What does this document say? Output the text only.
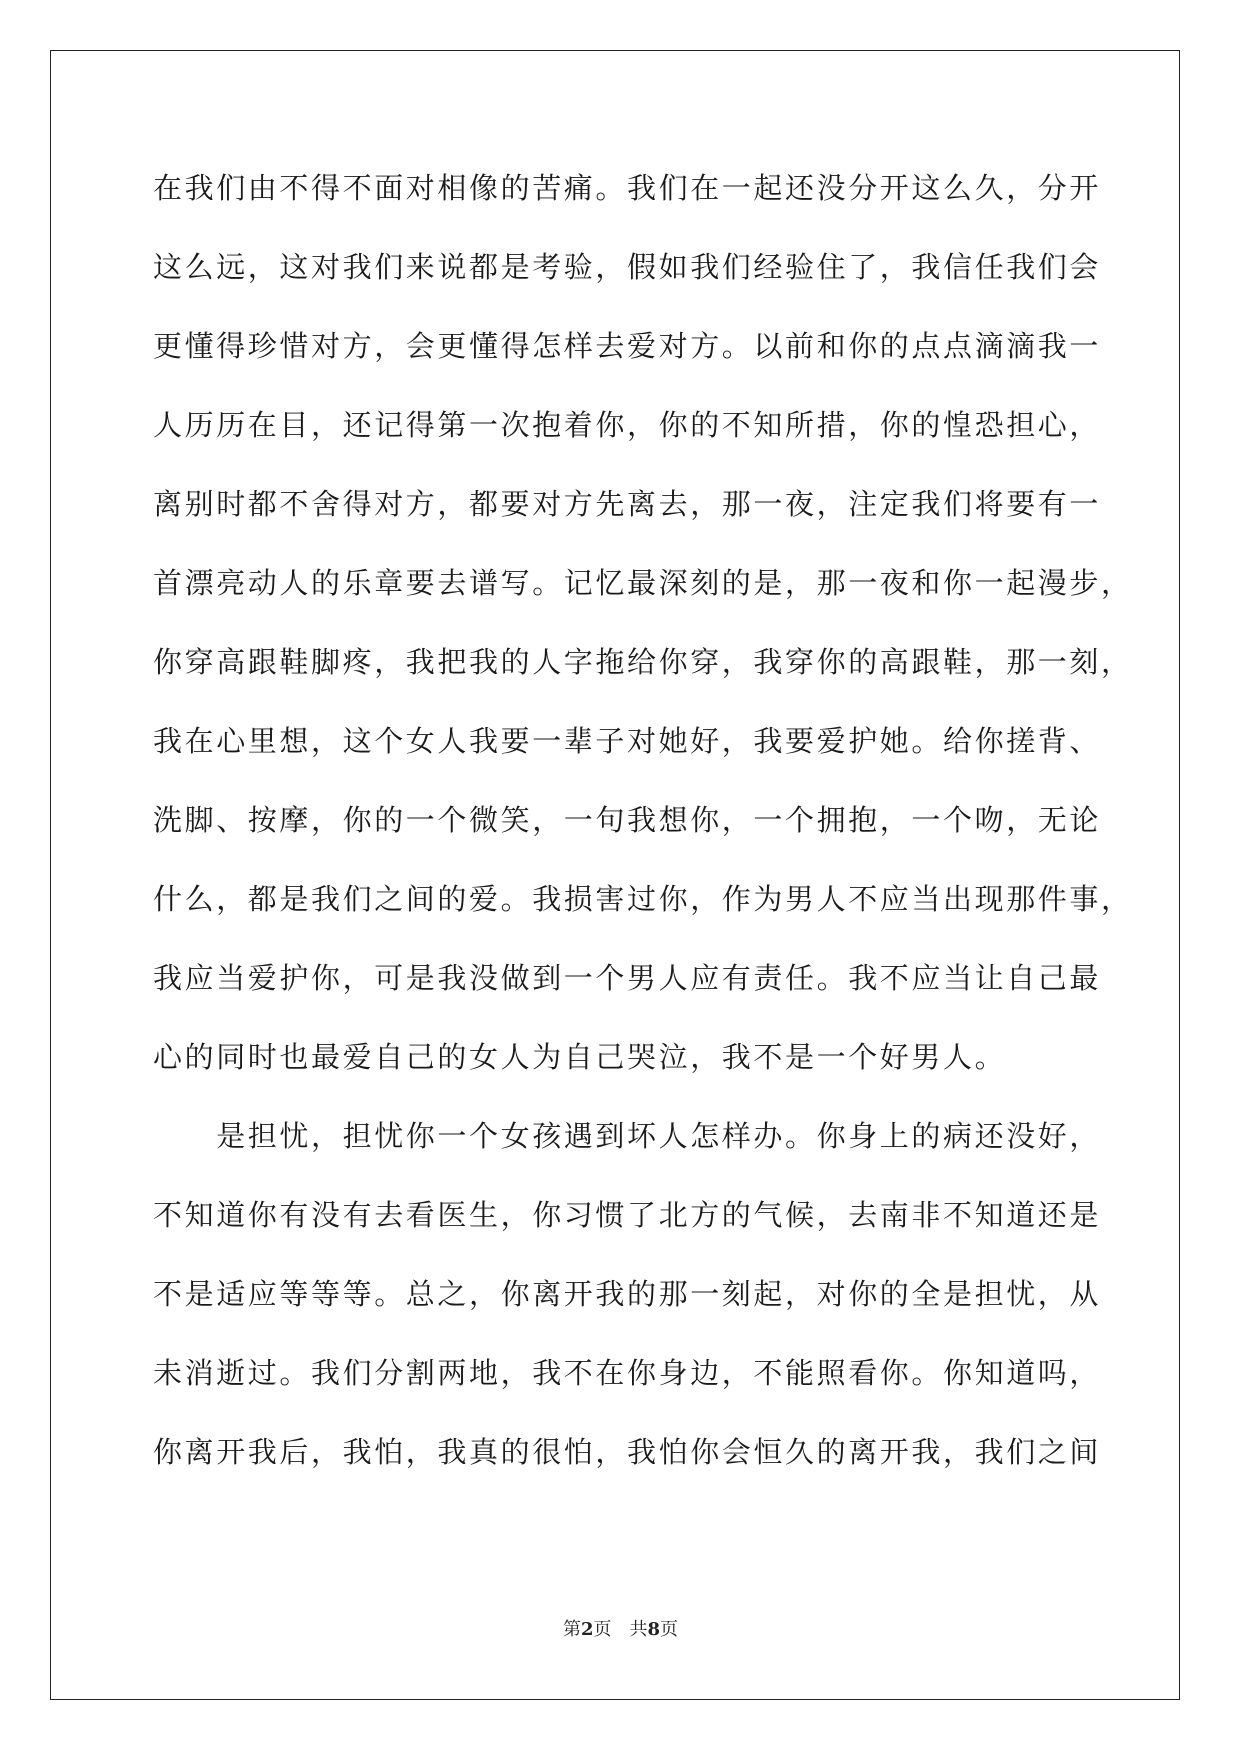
在我们由不得不面对相像的苦痛。我们在一起还没分开这么久，分开

这么远，这对我们来说都是考验，假如我们经验住了，我信任我们会

更懂得珍惜对方，会更懂得怎样去爱对方。以前和你的点点滴滴我一

人历历在目，还记得第一次抱着你，你的不知所措，你的惶恐担心，

离别时都不舍得对方，都要对方先离去，那一夜，注定我们将要有一

首漂亮动人的乐章要去谱写。记忆最深刻的是，那一夜和你一起漫步，

你穿高跟鞋脚疼，我把我的人字拖给你穿，我穿你的高跟鞋，那一刻，

我在心里想，这个女人我要一辈子对她好，我要爱护她。给你搓背、

洗脚、按摩，你的一个微笑，一句我想你，一个拥抱，一个吻，无论

什么，都是我们之间的爱。我损害过你，作为男人不应当出现那件事，

我应当爱护你，可是我没做到一个男人应有责任。我不应当让自己最

心的同时也最爱自己的女人为自己哭泣，我不是一个好男人。

　　是担忧，担忧你一个女孩遇到坏人怎样办。你身上的病还没好，

不知道你有没有去看医生，你习惯了北方的气候，去南非不知道还是

不是适应等等等。总之，你离开我的那一刻起，对你的全是担忧，从

未消逝过。我们分割两地，我不在你身边，不能照看你。你知道吗，

你离开我后，我怕，我真的很怕，我怕你会恒久的离开我，我们之间

第2页　共8页
